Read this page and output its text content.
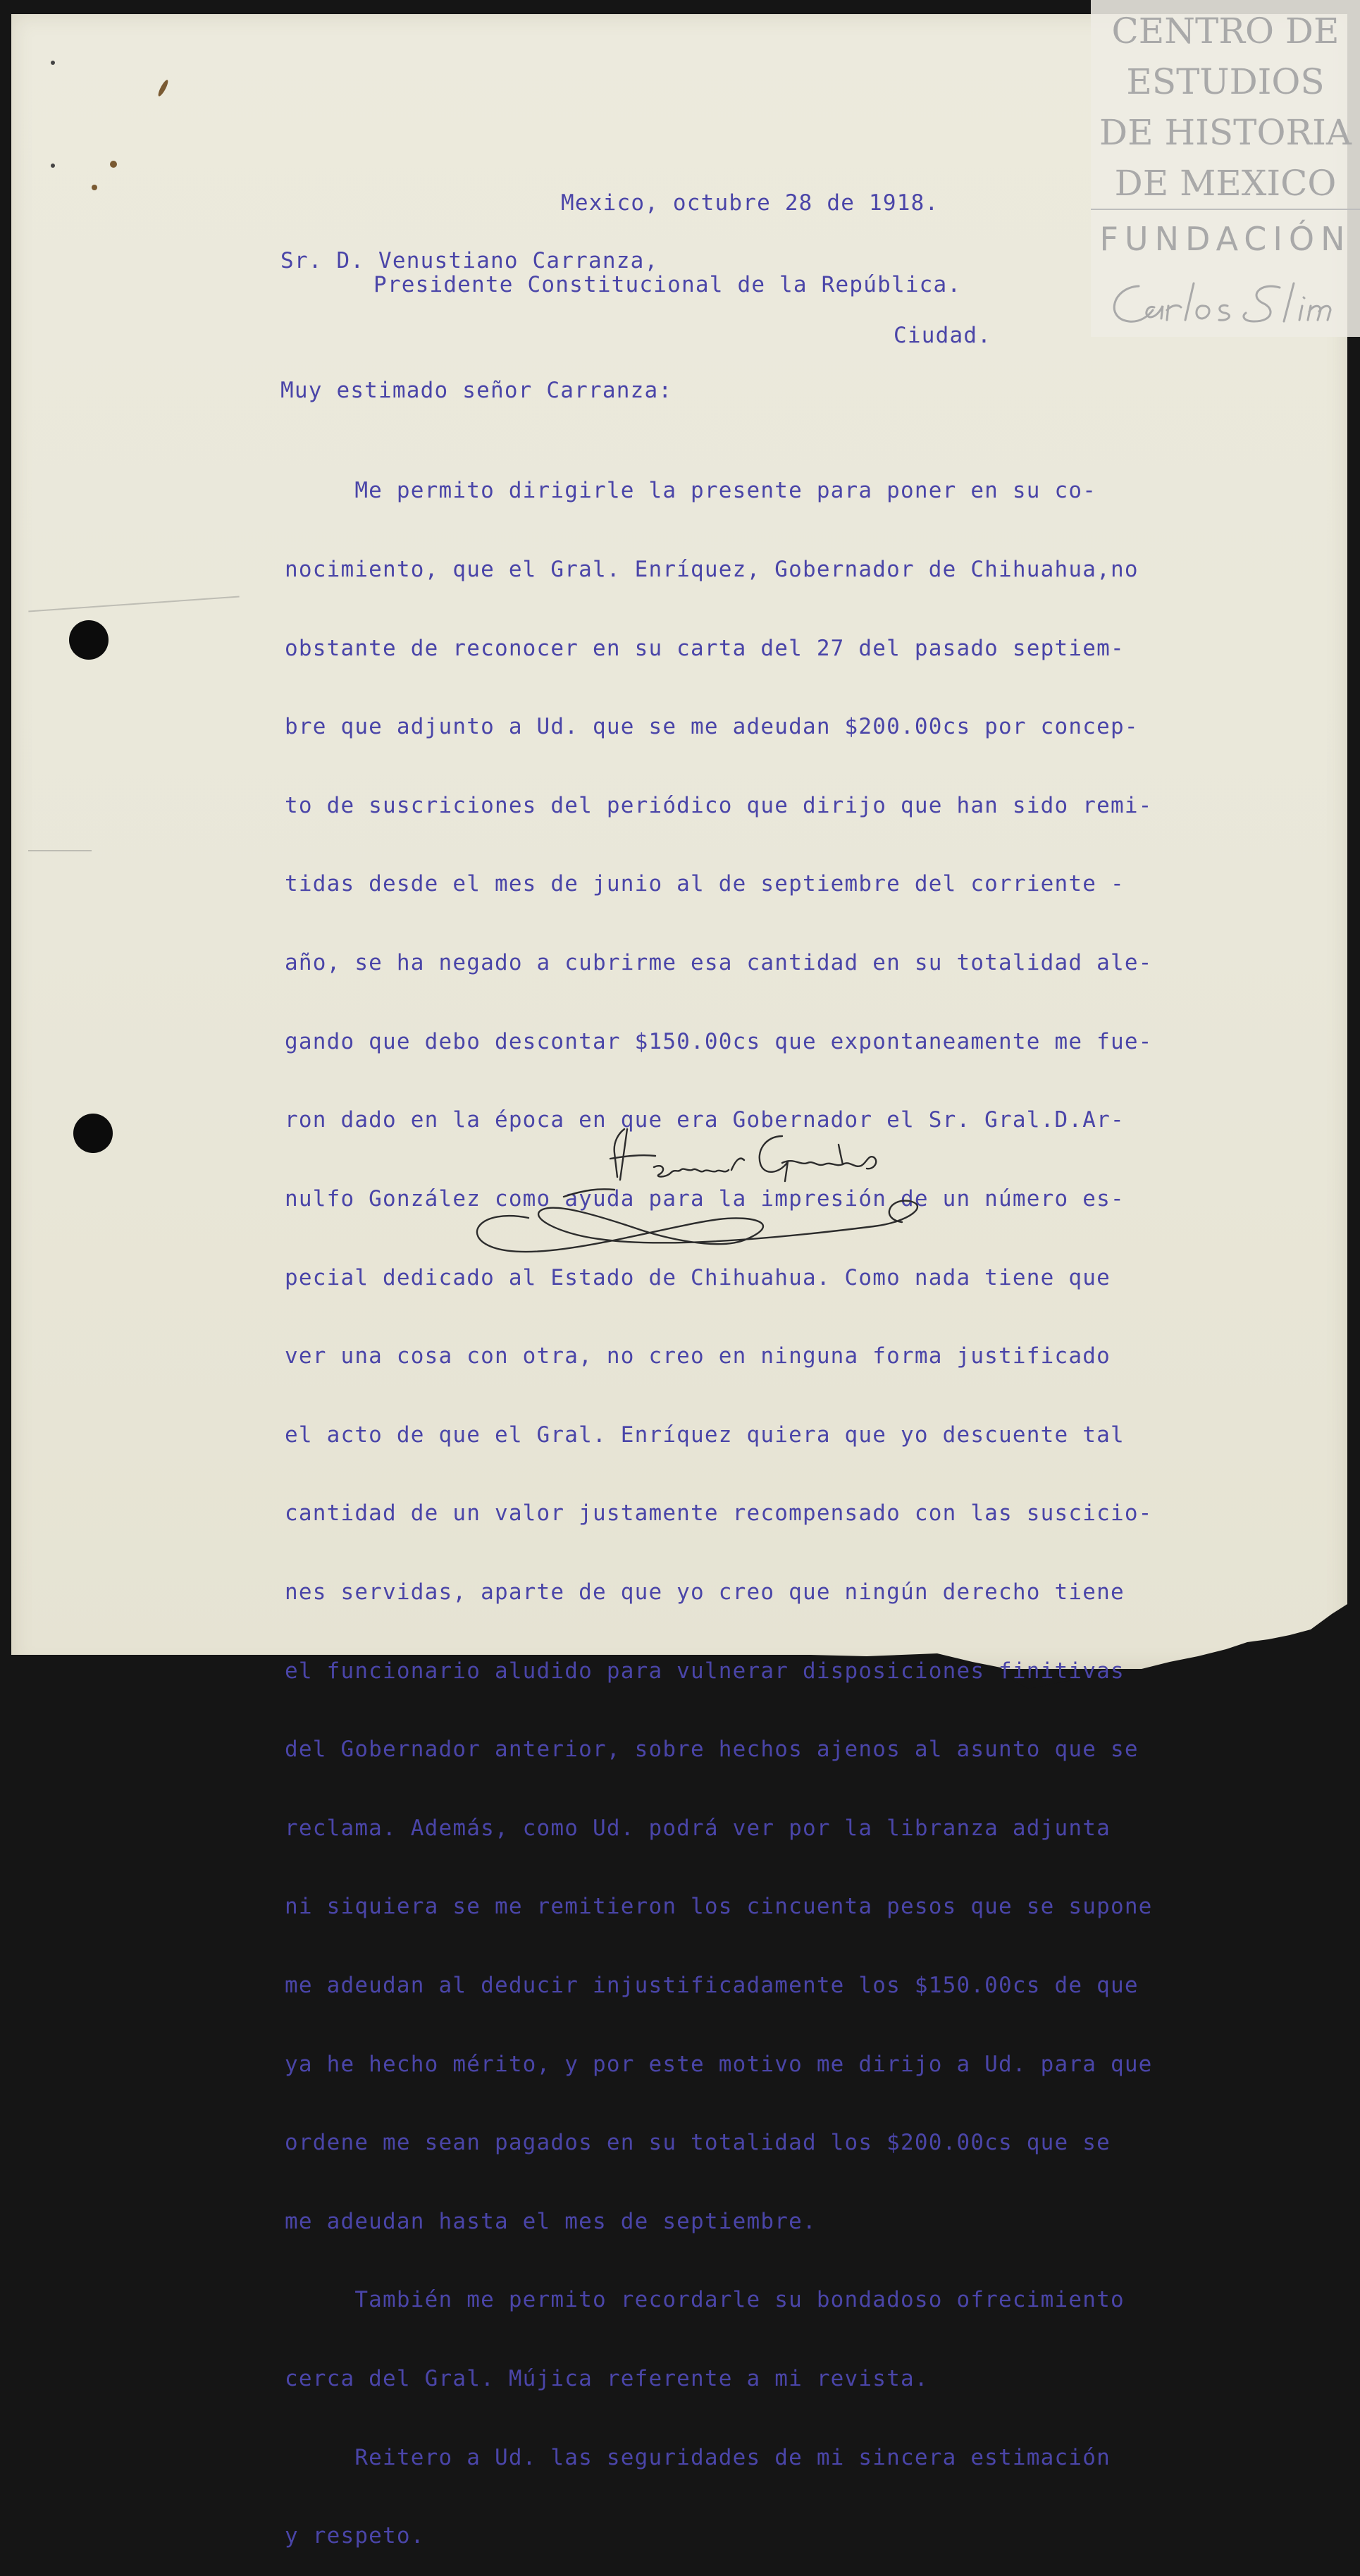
Mexico, octubre 28 de 1918.
Sr. D. Venustiano Carranza,
Presidente Constitucional de la República.
Ciudad.
Muy estimado señor Carranza:

Me permito dirigirle la presente para poner en su co-

nocimiento, que el Gral. Enríquez, Gobernador de Chihuahua,no

obstante de reconocer en su carta del 27 del pasado septiem-

bre que adjunto a Ud. que se me adeudan $200.00cs por concep-

to de suscriciones del periódico que dirijo que han sido remi-

tidas desde el mes de junio al de septiembre del corriente -

año, se ha negado a cubrirme esa cantidad en su totalidad ale-

gando que debo descontar $150.00cs que expontaneamente me fue-

ron dado en la época en que era Gobernador el Sr. Gral.D.Ar-

nulfo González como ayuda para la impresión de un número es-

pecial dedicado al Estado de Chihuahua. Como nada tiene que

ver una cosa con otra, no creo en ninguna forma justificado

el acto de que el Gral. Enríquez quiera que yo descuente tal

cantidad de un valor justamente recompensado con las suscicio-

nes servidas, aparte de que yo creo que ningún derecho tiene

el funcionario aludido para vulnerar disposiciones finitivas

del Gobernador anterior, sobre hechos ajenos al asunto que se

reclama. Además, como Ud. podrá ver por la libranza adjunta

ni siquiera se me remitieron los cincuenta pesos que se supone

me adeudan al deducir injustificadamente los $150.00cs de que

ya he hecho mérito, y por este motivo me dirijo a Ud. para que

ordene me sean pagados en su totalidad los $200.00cs que se

me adeudan hasta el mes de septiembre.

También me permito recordarle su bondadoso ofrecimiento

cerca del Gral. Mújica referente a mi revista.

Reitero a Ud. las seguridades de mi sincera estimación

y respeto.

CENTRO DE
ESTUDIOS
DE HISTORIA
DE MEXICO
FUNDACIÓN
